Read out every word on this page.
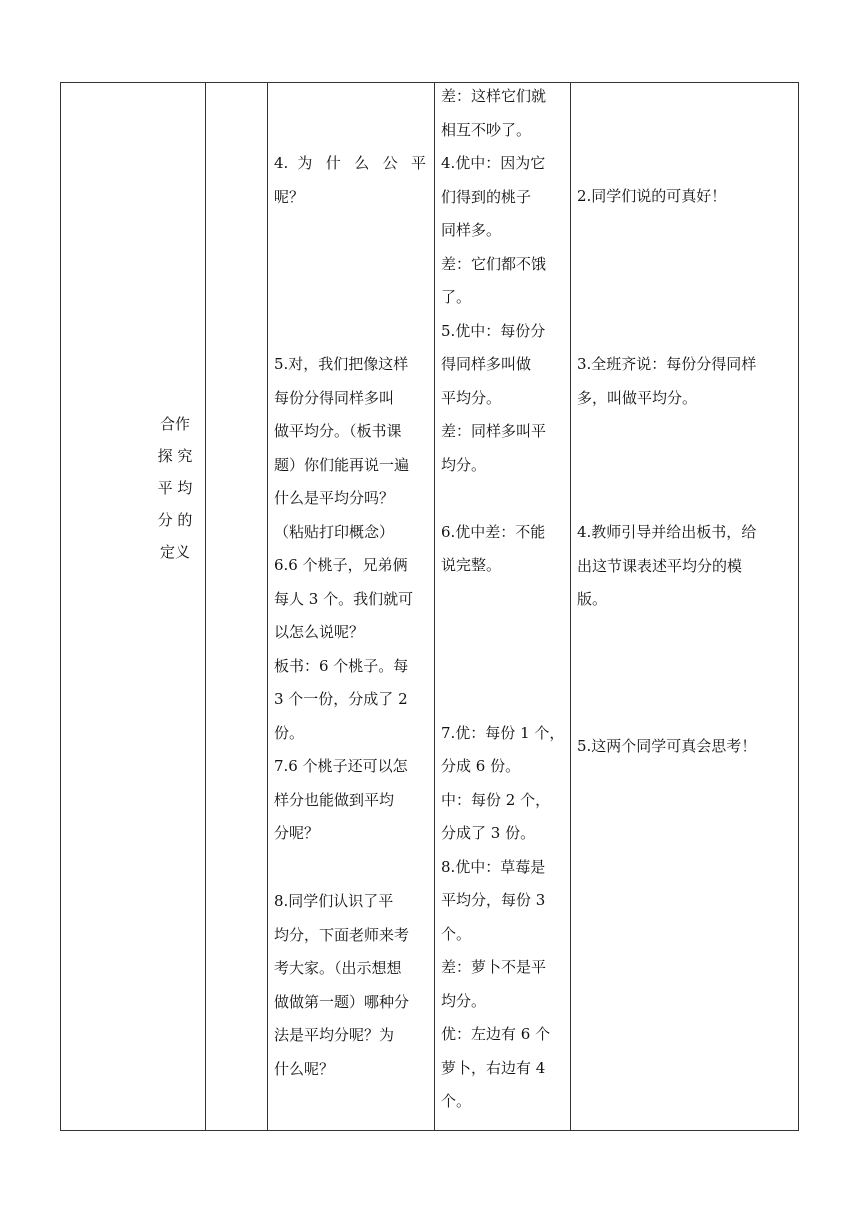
合作
探 究
平 均
分 的
定义
4. 为 什 么 公 平
呢？
5.对，我们把像这样
每份分得同样多叫
做平均分。（板书课
题）你们能再说一遍
什么是平均分吗？
（粘贴打印概念）
6.6 个桃子，兄弟俩
每人 3 个。我们就可
以怎么说呢？
板书：6 个桃子。每
3 个一份，分成了 2
份。
7.6 个桃子还可以怎
样分也能做到平均
分呢？
8.同学们认识了平
均分，下面老师来考
考大家。（出示想想
做做第一题）哪种分
法是平均分呢？为
什么呢？
差：这样它们就
相互不吵了。
4.优中：因为它
们得到的桃子
同样多。
差：它们都不饿
了。
5.优中：每份分
得同样多叫做
平均分。
差：同样多叫平
均分。
6.优中差：不能
说完整。
7.优：每份 1 个，
分成 6 份。
中：每份 2 个，
分成了 3 份。
8.优中：草莓是
平均分，每份 3
个。
差：萝卜不是平
均分。
优：左边有 6 个
萝卜，右边有 4
个。
2.同学们说的可真好！
3.全班齐说：每份分得同样
多，叫做平均分。
4.教师引导并给出板书，给
出这节课表述平均分的模
版。
5.这两个同学可真会思考！
